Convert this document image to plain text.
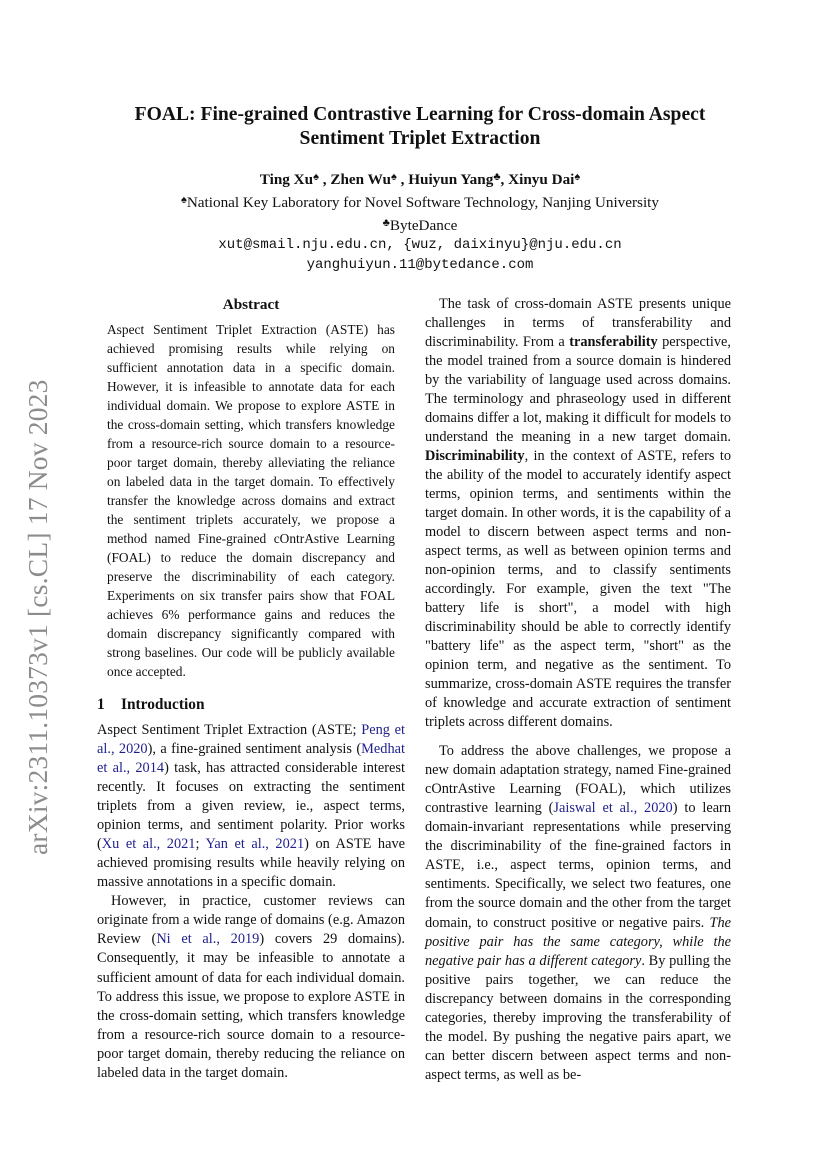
arXiv:2311.10373v1 [cs.CL] 17 Nov 2023
FOAL: Fine-grained Contrastive Learning for Cross-domain Aspect
Sentiment Triplet Extraction
Ting Xu♠ , Zhen Wu♠ , Huiyun Yang♣, Xinyu Dai♠
♠National Key Laboratory for Novel Software Technology, Nanjing University
♣ByteDance
xut@smail.nju.edu.cn, {wuz, daixinyu}@nju.edu.cn
yanghuiyun.11@bytedance.com
Abstract

Aspect Sentiment Triplet Extraction (ASTE) has achieved promising results while relying on sufficient annotation data in a specific domain. However, it is infeasible to annotate data for each individual domain. We propose to explore ASTE in the cross-domain setting, which transfers knowledge from a resource-rich source domain to a resource-poor target domain, thereby alleviating the reliance on labeled data in the target domain. To effectively transfer the knowledge across domains and extract the sentiment triplets accurately, we propose a method named Fine-grained cOntrAstive Learning (FOAL) to reduce the domain discrepancy and preserve the discriminability of each category. Experiments on six transfer pairs show that FOAL achieves 6% performance gains and reduces the domain discrepancy significantly compared with strong baselines. Our code will be publicly available once accepted.

1 Introduction

Aspect Sentiment Triplet Extraction (ASTE; Peng et al., 2020), a fine-grained sentiment analysis (Medhat et al., 2014) task, has attracted considerable interest recently. It focuses on extracting the sentiment triplets from a given review, ie., aspect terms, opinion terms, and sentiment polarity. Prior works (Xu et al., 2021; Yan et al., 2021) on ASTE have achieved promising results while heavily relying on massive annotations in a specific domain.

However, in practice, customer reviews can originate from a wide range of domains (e.g. Amazon Review (Ni et al., 2019) covers 29 domains). Consequently, it may be infeasible to annotate a sufficient amount of data for each individual domain. To address this issue, we propose to explore ASTE in the cross-domain setting, which transfers knowledge from a resource-rich source domain to a resource-poor target domain, thereby reducing the reliance on labeled data in the target domain.

The task of cross-domain ASTE presents unique challenges in terms of transferability and discriminability. From a transferability perspective, the model trained from a source domain is hindered by the variability of language used across domains. The terminology and phraseology used in different domains differ a lot, making it difficult for models to understand the meaning in a new target domain. Discriminability, in the context of ASTE, refers to the ability of the model to accurately identify aspect terms, opinion terms, and sentiments within the target domain. In other words, it is the capability of a model to discern between aspect terms and non-aspect terms, as well as between opinion terms and non-opinion terms, and to classify sentiments accordingly. For example, given the text "The battery life is short", a model with high discriminability should be able to correctly identify "battery life" as the aspect term, "short" as the opinion term, and negative as the sentiment. To summarize, cross-domain ASTE requires the transfer of knowledge and accurate extraction of sentiment triplets across different domains.

To address the above challenges, we propose a new domain adaptation strategy, named Fine-grained cOntrAstive Learning (FOAL), which utilizes contrastive learning (Jaiswal et al., 2020) to learn domain-invariant representations while preserving the discriminability of the fine-grained factors in ASTE, i.e., aspect terms, opinion terms, and sentiments. Specifically, we select two features, one from the source domain and the other from the target domain, to construct positive or negative pairs. The positive pair has the same category, while the negative pair has a different category. By pulling the positive pairs together, we can reduce the discrepancy between domains in the corresponding categories, thereby improving the transferability of the model. By pushing the negative pairs apart, we can better discern between aspect terms and non-aspect terms, as well as be-
